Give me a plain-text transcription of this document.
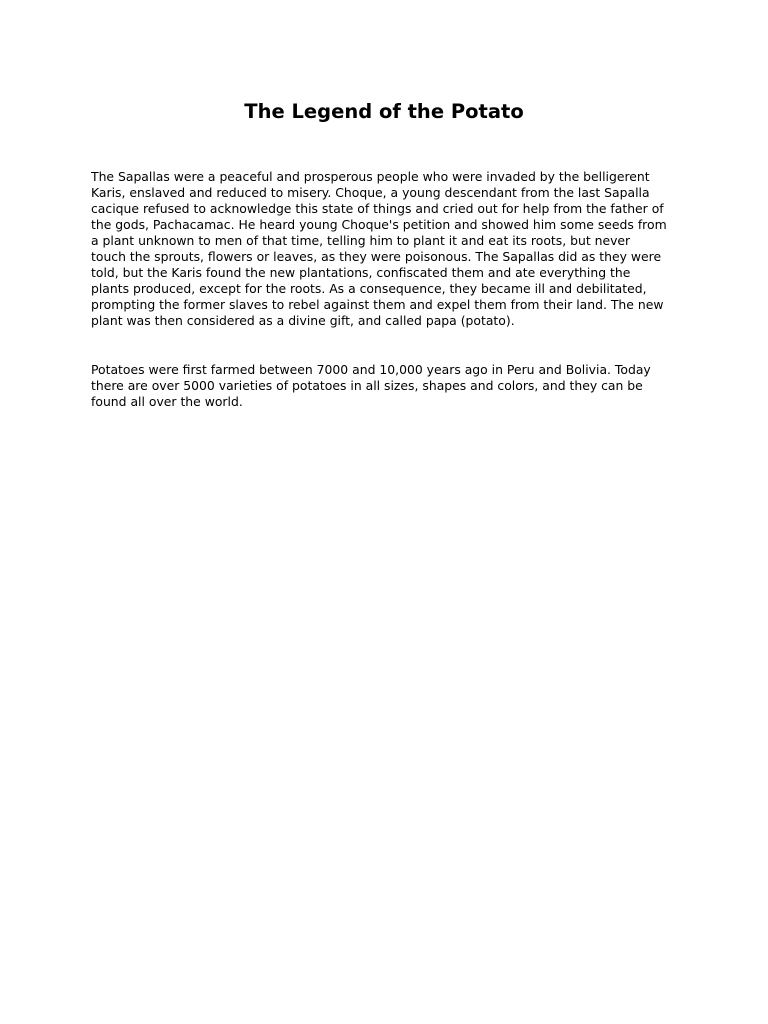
The Legend of the Potato

The Sapallas were a peaceful and prosperous people who were invaded by the belligerent
Karis, enslaved and reduced to misery. Choque, a young descendant from the last Sapalla
cacique refused to acknowledge this state of things and cried out for help from the father of
the gods, Pachacamac. He heard young Choque's petition and showed him some seeds from
a plant unknown to men of that time, telling him to plant it and eat its roots, but never
touch the sprouts, flowers or leaves, as they were poisonous. The Sapallas did as they were
told, but the Karis found the new plantations, confiscated them and ate everything the
plants produced, except for the roots. As a consequence, they became ill and debilitated,
prompting the former slaves to rebel against them and expel them from their land. The new
plant was then considered as a divine gift, and called papa (potato).

Potatoes were first farmed between 7000 and 10,000 years ago in Peru and Bolivia. Today
there are over 5000 varieties of potatoes in all sizes, shapes and colors, and they can be
found all over the world.
